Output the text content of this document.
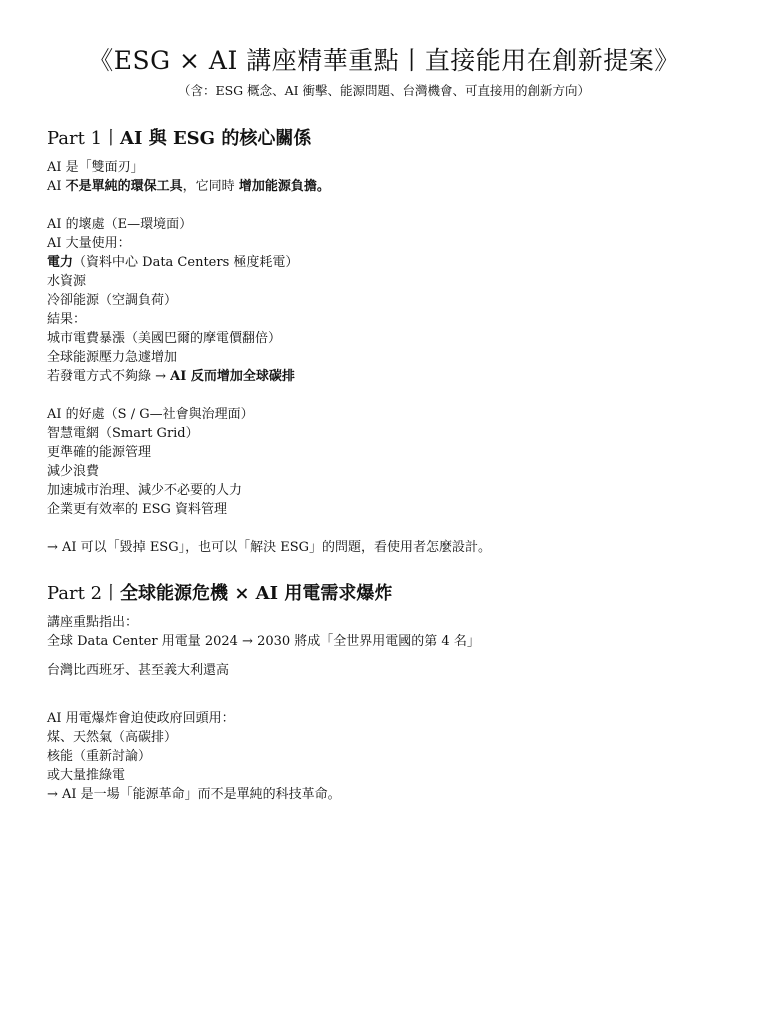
《ESG × AI 講座精華重點丨直接能用在創新提案》
（含：ESG 概念、AI 衝擊、能源問題、台灣機會、可直接用的創新方向）
Part 1丨AI 與 ESG 的核心關係
AI 是「雙面刃」
AI 不是單純的環保工具，它同時 增加能源負擔。
AI 的壞處（E—環境面）
AI 大量使用：
電力（資料中心 Data Centers 極度耗電）
水資源
冷卻能源（空調負荷）
結果：
城市電費暴漲（美國巴爾的摩電價翻倍）
全球能源壓力急遽增加
若發電方式不夠綠 → AI 反而增加全球碳排
AI 的好處（S / G—社會與治理面）
智慧電網（Smart Grid）
更準確的能源管理
減少浪費
加速城市治理、減少不必要的人力
企業更有效率的 ESG 資料管理
→ AI 可以「毀掉 ESG」，也可以「解決 ESG」的問題，看使用者怎麼設計。
Part 2丨全球能源危機 × AI 用電需求爆炸
講座重點指出：
全球 Data Center 用電量 2024 → 2030 將成「全世界用電國的第 4 名」
台灣比西班牙、甚至義大利還高
AI 用電爆炸會迫使政府回頭用：
煤、天然氣（高碳排）
核能（重新討論）
或大量推綠電
→ AI 是一場「能源革命」而不是單純的科技革命。
